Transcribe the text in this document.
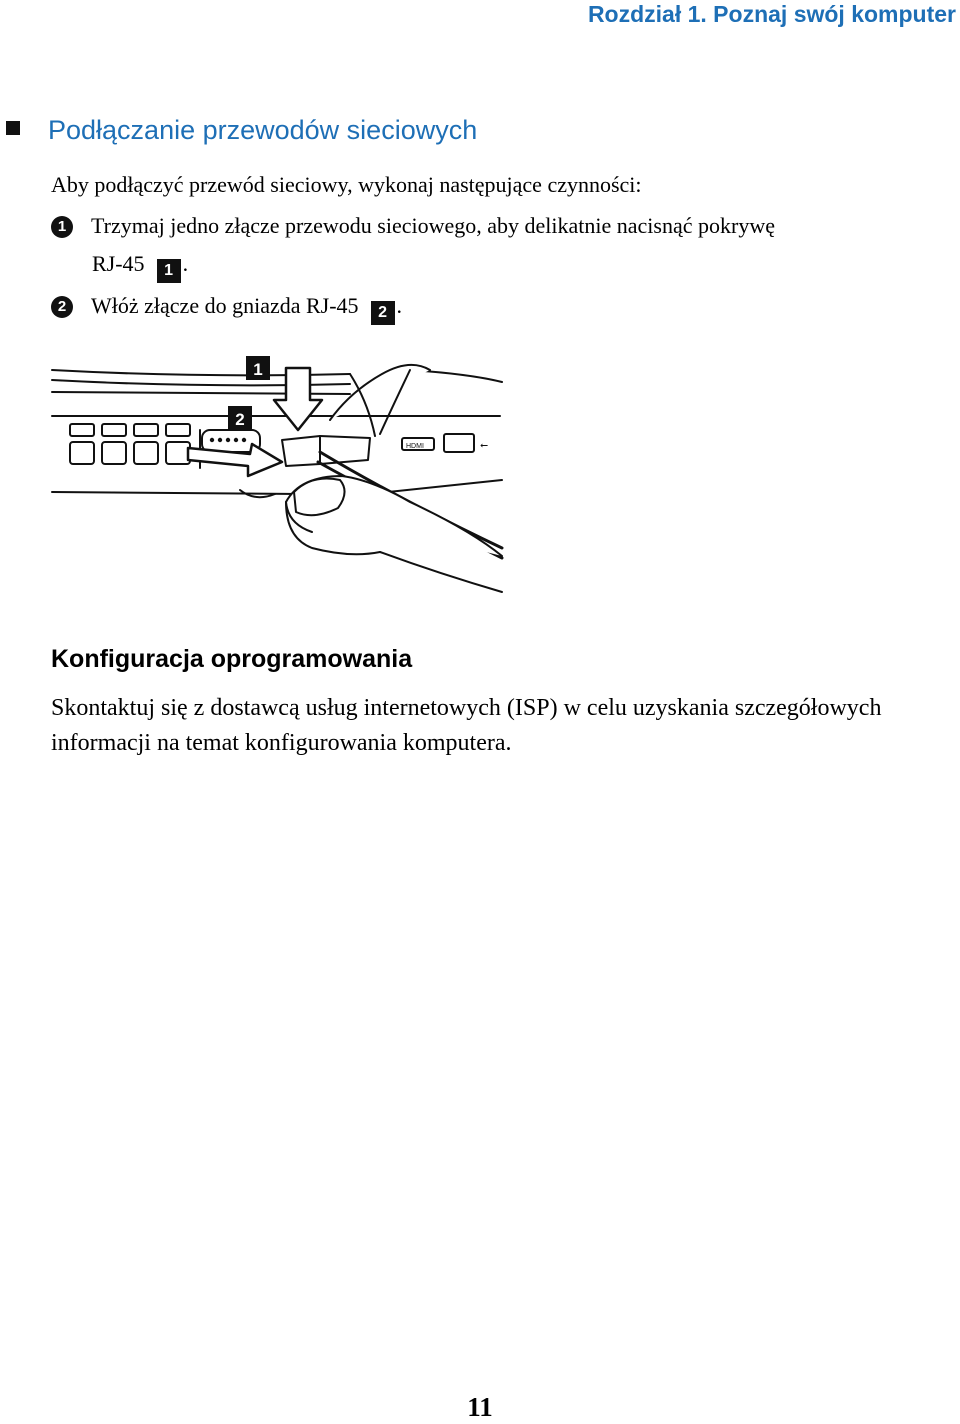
Rozdział 1. Poznaj swój komputer
Podłączanie przewodów sieciowych
Aby podłączyć przewód sieciowy, wykonaj następujące czynności:
1 Trzymaj jedno złącze przewodu sieciowego, aby delikatnie nacisnąć pokrywę
RJ-45 1 .
2 Włóż złącze do gniazda RJ-45 2 .
1
2
HDMI	⭠
Konfiguracja oprogramowania
Skontaktuj się z dostawcą usług internetowych (ISP) w celu uzyskania szczegółowych informacji na temat konfigurowania komputera.
11
